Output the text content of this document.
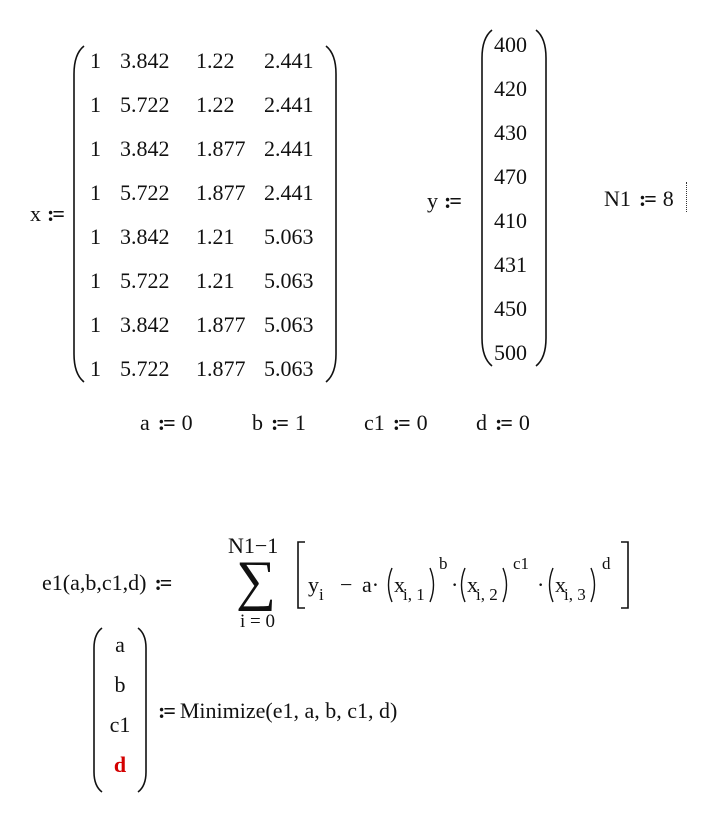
x :=
1 3.842 1.22 2.441
1 5.722 1.22 2.441
1 3.842 1.877 2.441
1 5.722 1.877 2.441
1 3.842 1.21 5.063
1 5.722 1.21 5.063
1 3.842 1.877 5.063
1 5.722 1.877 5.063
y :=
400
420
430
470
410
431
450
500
N1 := 8
a := 0	b := 1	c1 := 0 d := 0
e1(a,b,c1,d) :=
N1−1
∑
i = 0
$y_i - a\cdot x$
i, 1
b
· x
i, 2
c1
· x
i, 3
d
2
a
b
c1
d
:= Minimize(e1, a, b, c1, d)
